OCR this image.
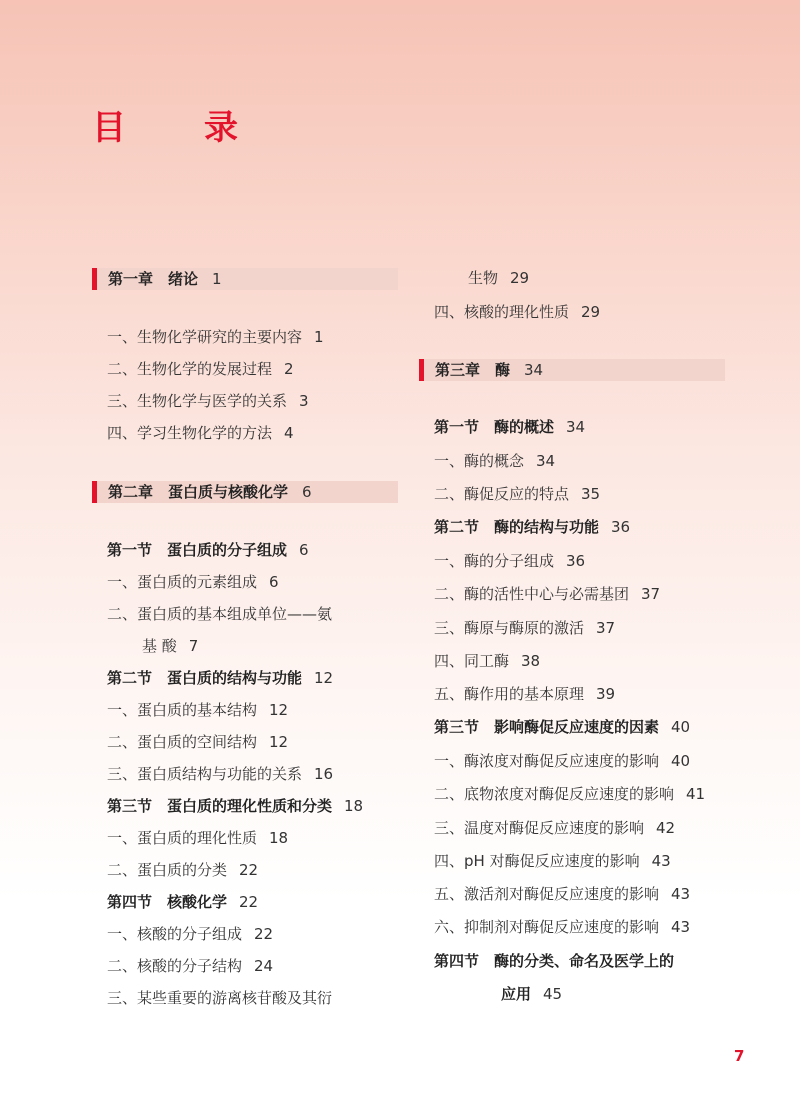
目　录
第一章　绪论 1
一、生物化学研究的主要内容 1
二、生物化学的发展过程 2
三、生物化学与医学的关系 3
四、学习生物化学的方法 4
第二章　蛋白质与核酸化学 6
第一节　蛋白质的分子组成 6
一、蛋白质的元素组成 6
二、蛋白质的基本组成单位——氨
基 酸 7
第二节　蛋白质的结构与功能 12
一、蛋白质的基本结构 12
二、蛋白质的空间结构 12
三、蛋白质结构与功能的关系 16
第三节　蛋白质的理化性质和分类 18
一、蛋白质的理化性质 18
二、蛋白质的分类 22
第四节　核酸化学 22
一、核酸的分子组成 22
二、核酸的分子结构 24
三、某些重要的游离核苷酸及其衍
生物 29
四、核酸的理化性质 29
第三章　酶 34
第一节　酶的概述 34
一、酶的概念 34
二、酶促反应的特点 35
第二节　酶的结构与功能 36
一、酶的分子组成 36
二、酶的活性中心与必需基团 37
三、酶原与酶原的激活 37
四、同工酶 38
五、酶作用的基本原理 39
第三节　影响酶促反应速度的因素 40
一、酶浓度对酶促反应速度的影响 40
二、底物浓度对酶促反应速度的影响 41
三、温度对酶促反应速度的影响 42
四、pH 对酶促反应速度的影响 43
五、激活剂对酶促反应速度的影响 43
六、抑制剂对酶促反应速度的影响 43
第四节　酶的分类、命名及医学上的
应用 45
7
